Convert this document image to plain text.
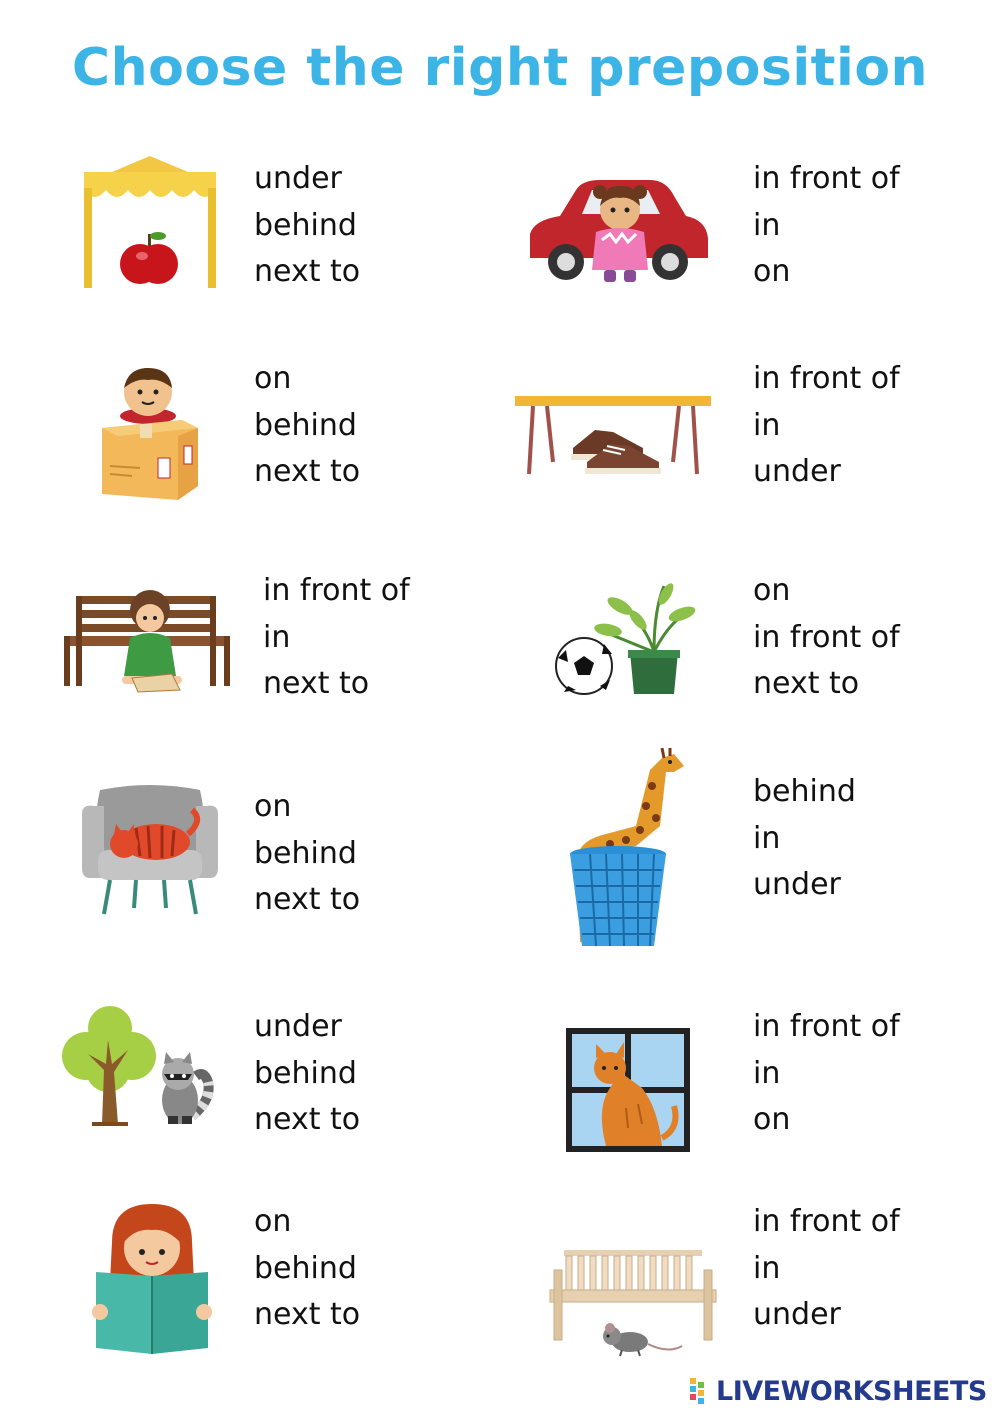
Choose the right preposition
under
behind
next to
in front of
in
on
on
behind
next to
in front of
in
under
in front of
in
next to
on
in front of
next to
on
behind
next to
behind
in
under
under
behind
next to
in front of
in
on
on
behind
next to
in front of
in
under
LIVEWORKSHEETS
